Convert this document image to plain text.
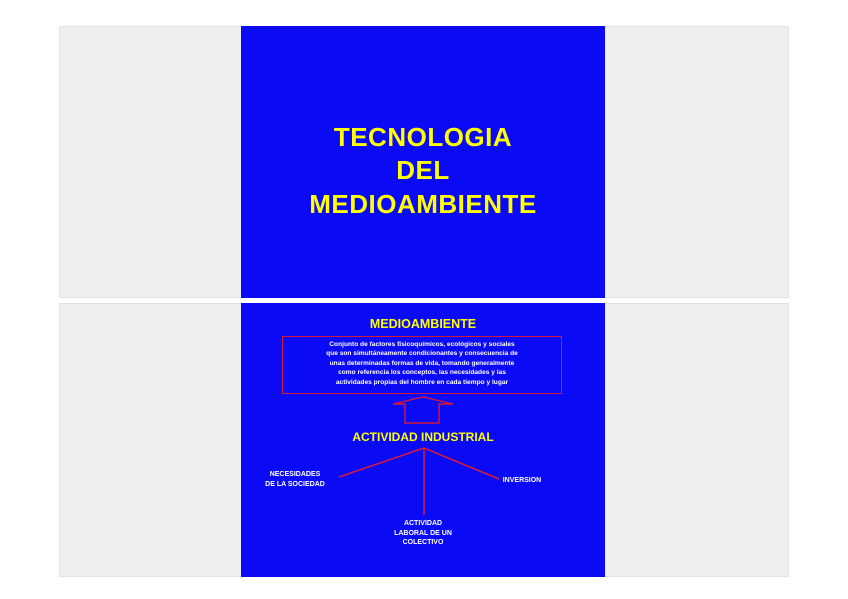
TECNOLOGIA
DEL
MEDIOAMBIENTE
MEDIOAMBIENTE
Conjunto de factores físicoquímicos, ecológicos y sociales
que son simultáneamente condicionantes y consecuencia de
unas determinadas formas de vida, tomando generalmente
como referencia los conceptos, las necesidades y las
actividades propias del hombre en cada tiempo y lugar
ACTIVIDAD INDUSTRIAL
NECESIDADES
DE LA SOCIEDAD	INVERSION
ACTIVIDAD
LABORAL DE UN
COLECTIVO
